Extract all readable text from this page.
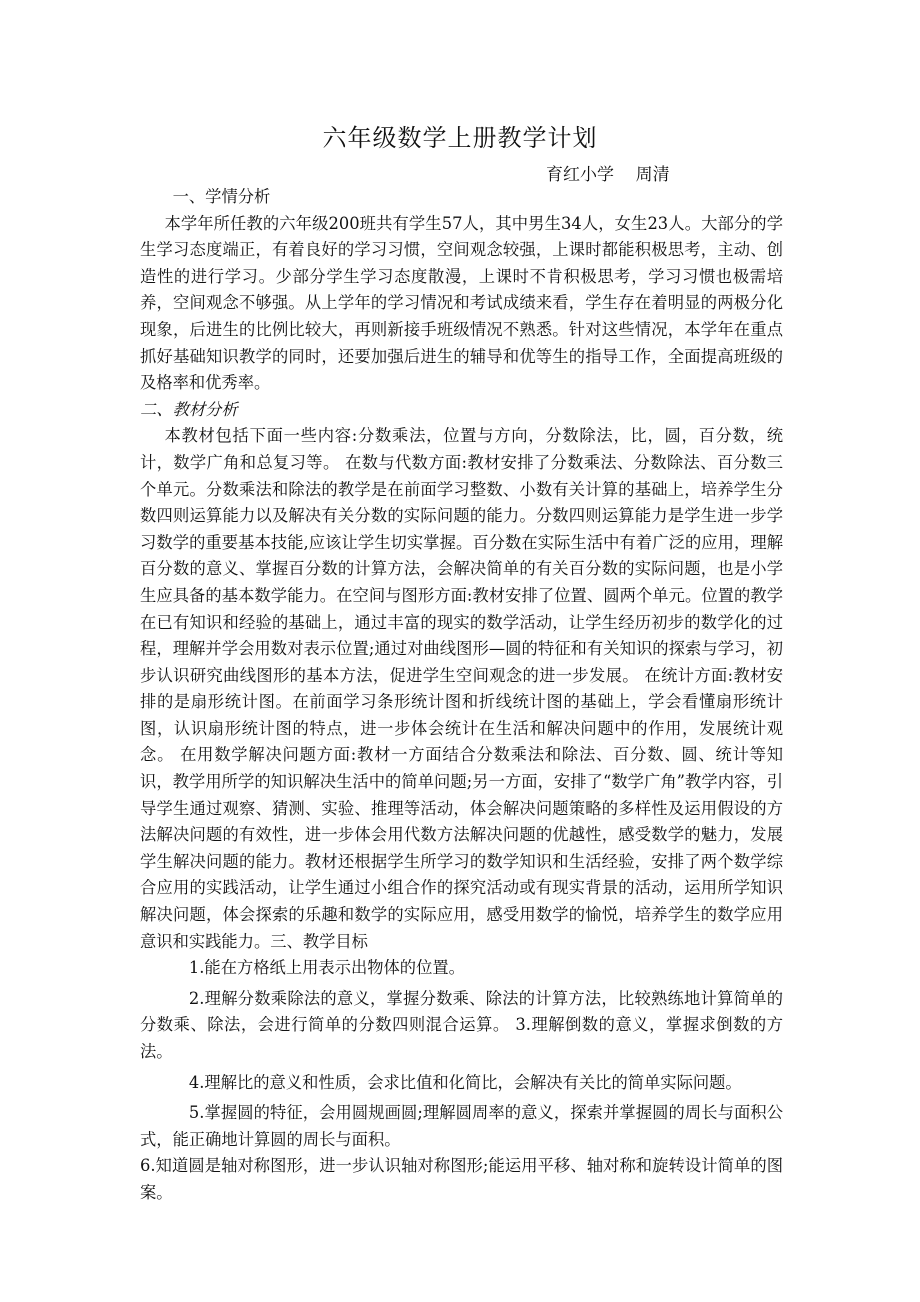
六年级数学上册教学计划
育红小学    周清

一、学情分析

本学年所任教的六年级200班共有学生57人，其中男生34人，女生23人。大部分的学生学习态度端正，有着良好的学习习惯，空间观念较强，上课时都能积极思考，主动、创造性的进行学习。少部分学生学习态度散漫，上课时不肯积极思考，学习习惯也极需培养，空间观念不够强。从上学年的学习情况和考试成绩来看，学生存在着明显的两极分化现象，后进生的比例比较大，再则新接手班级情况不熟悉。针对这些情况，本学年在重点抓好基础知识教学的同时，还要加强后进生的辅导和优等生的指导工作，全面提高班级的及格率和优秀率。

二、教材分析

本教材包括下面一些内容:分数乘法，位置与方向，分数除法，比，圆，百分数，统计，数学广角和总复习等。 在数与代数方面:教材安排了分数乘法、分数除法、百分数三个单元。分数乘法和除法的教学是在前面学习整数、小数有关计算的基础上，培养学生分数四则运算能力以及解决有关分数的实际问题的能力。分数四则运算能力是学生进一步学习数学的重要基本技能,应该让学生切实掌握。百分数在实际生活中有着广泛的应用，理解百分数的意义、掌握百分数的计算方法，会解决简单的有关百分数的实际问题，也是小学生应具备的基本数学能力。在空间与图形方面:教材安排了位置、圆两个单元。位置的教学在已有知识和经验的基础上，通过丰富的现实的数学活动，让学生经历初步的数学化的过程，理解并学会用数对表示位置;通过对曲线图形—圆的特征和有关知识的探索与学习，初步认识研究曲线图形的基本方法，促进学生空间观念的进一步发展。 在统计方面:教材安排的是扇形统计图。在前面学习条形统计图和折线统计图的基础上，学会看懂扇形统计图，认识扇形统计图的特点，进一步体会统计在生活和解决问题中的作用，发展统计观念。 在用数学解决问题方面:教材一方面结合分数乘法和除法、百分数、圆、统计等知识，教学用所学的知识解决生活中的简单问题;另一方面，安排了“数学广角”教学内容，引导学生通过观察、猜测、实验、推理等活动，体会解决问题策略的多样性及运用假设的方法解决问题的有效性，进一步体会用代数方法解决问题的优越性，感受数学的魅力，发展学生解决问题的能力。教材还根据学生所学习的数学知识和生活经验，安排了两个数学综合应用的实践活动，让学生通过小组合作的探究活动或有现实背景的活动，运用所学知识解决问题，体会探索的乐趣和数学的实际应用，感受用数学的愉悦，培养学生的数学应用意识和实践能力。三、教学目标

1.能在方格纸上用表示出物体的位置。

2.理解分数乘除法的意义，掌握分数乘、除法的计算方法，比较熟练地计算简单的分数乘、除法，会进行简单的分数四则混合运算。 3.理解倒数的意义，掌握求倒数的方法。

4.理解比的意义和性质，会求比值和化简比，会解决有关比的简单实际问题。

5.掌握圆的特征，会用圆规画圆;理解圆周率的意义，探索并掌握圆的周长与面积公式，能正确地计算圆的周长与面积。

6.知道圆是轴对称图形，进一步认识轴对称图形;能运用平移、轴对称和旋转设计简单的图案。
